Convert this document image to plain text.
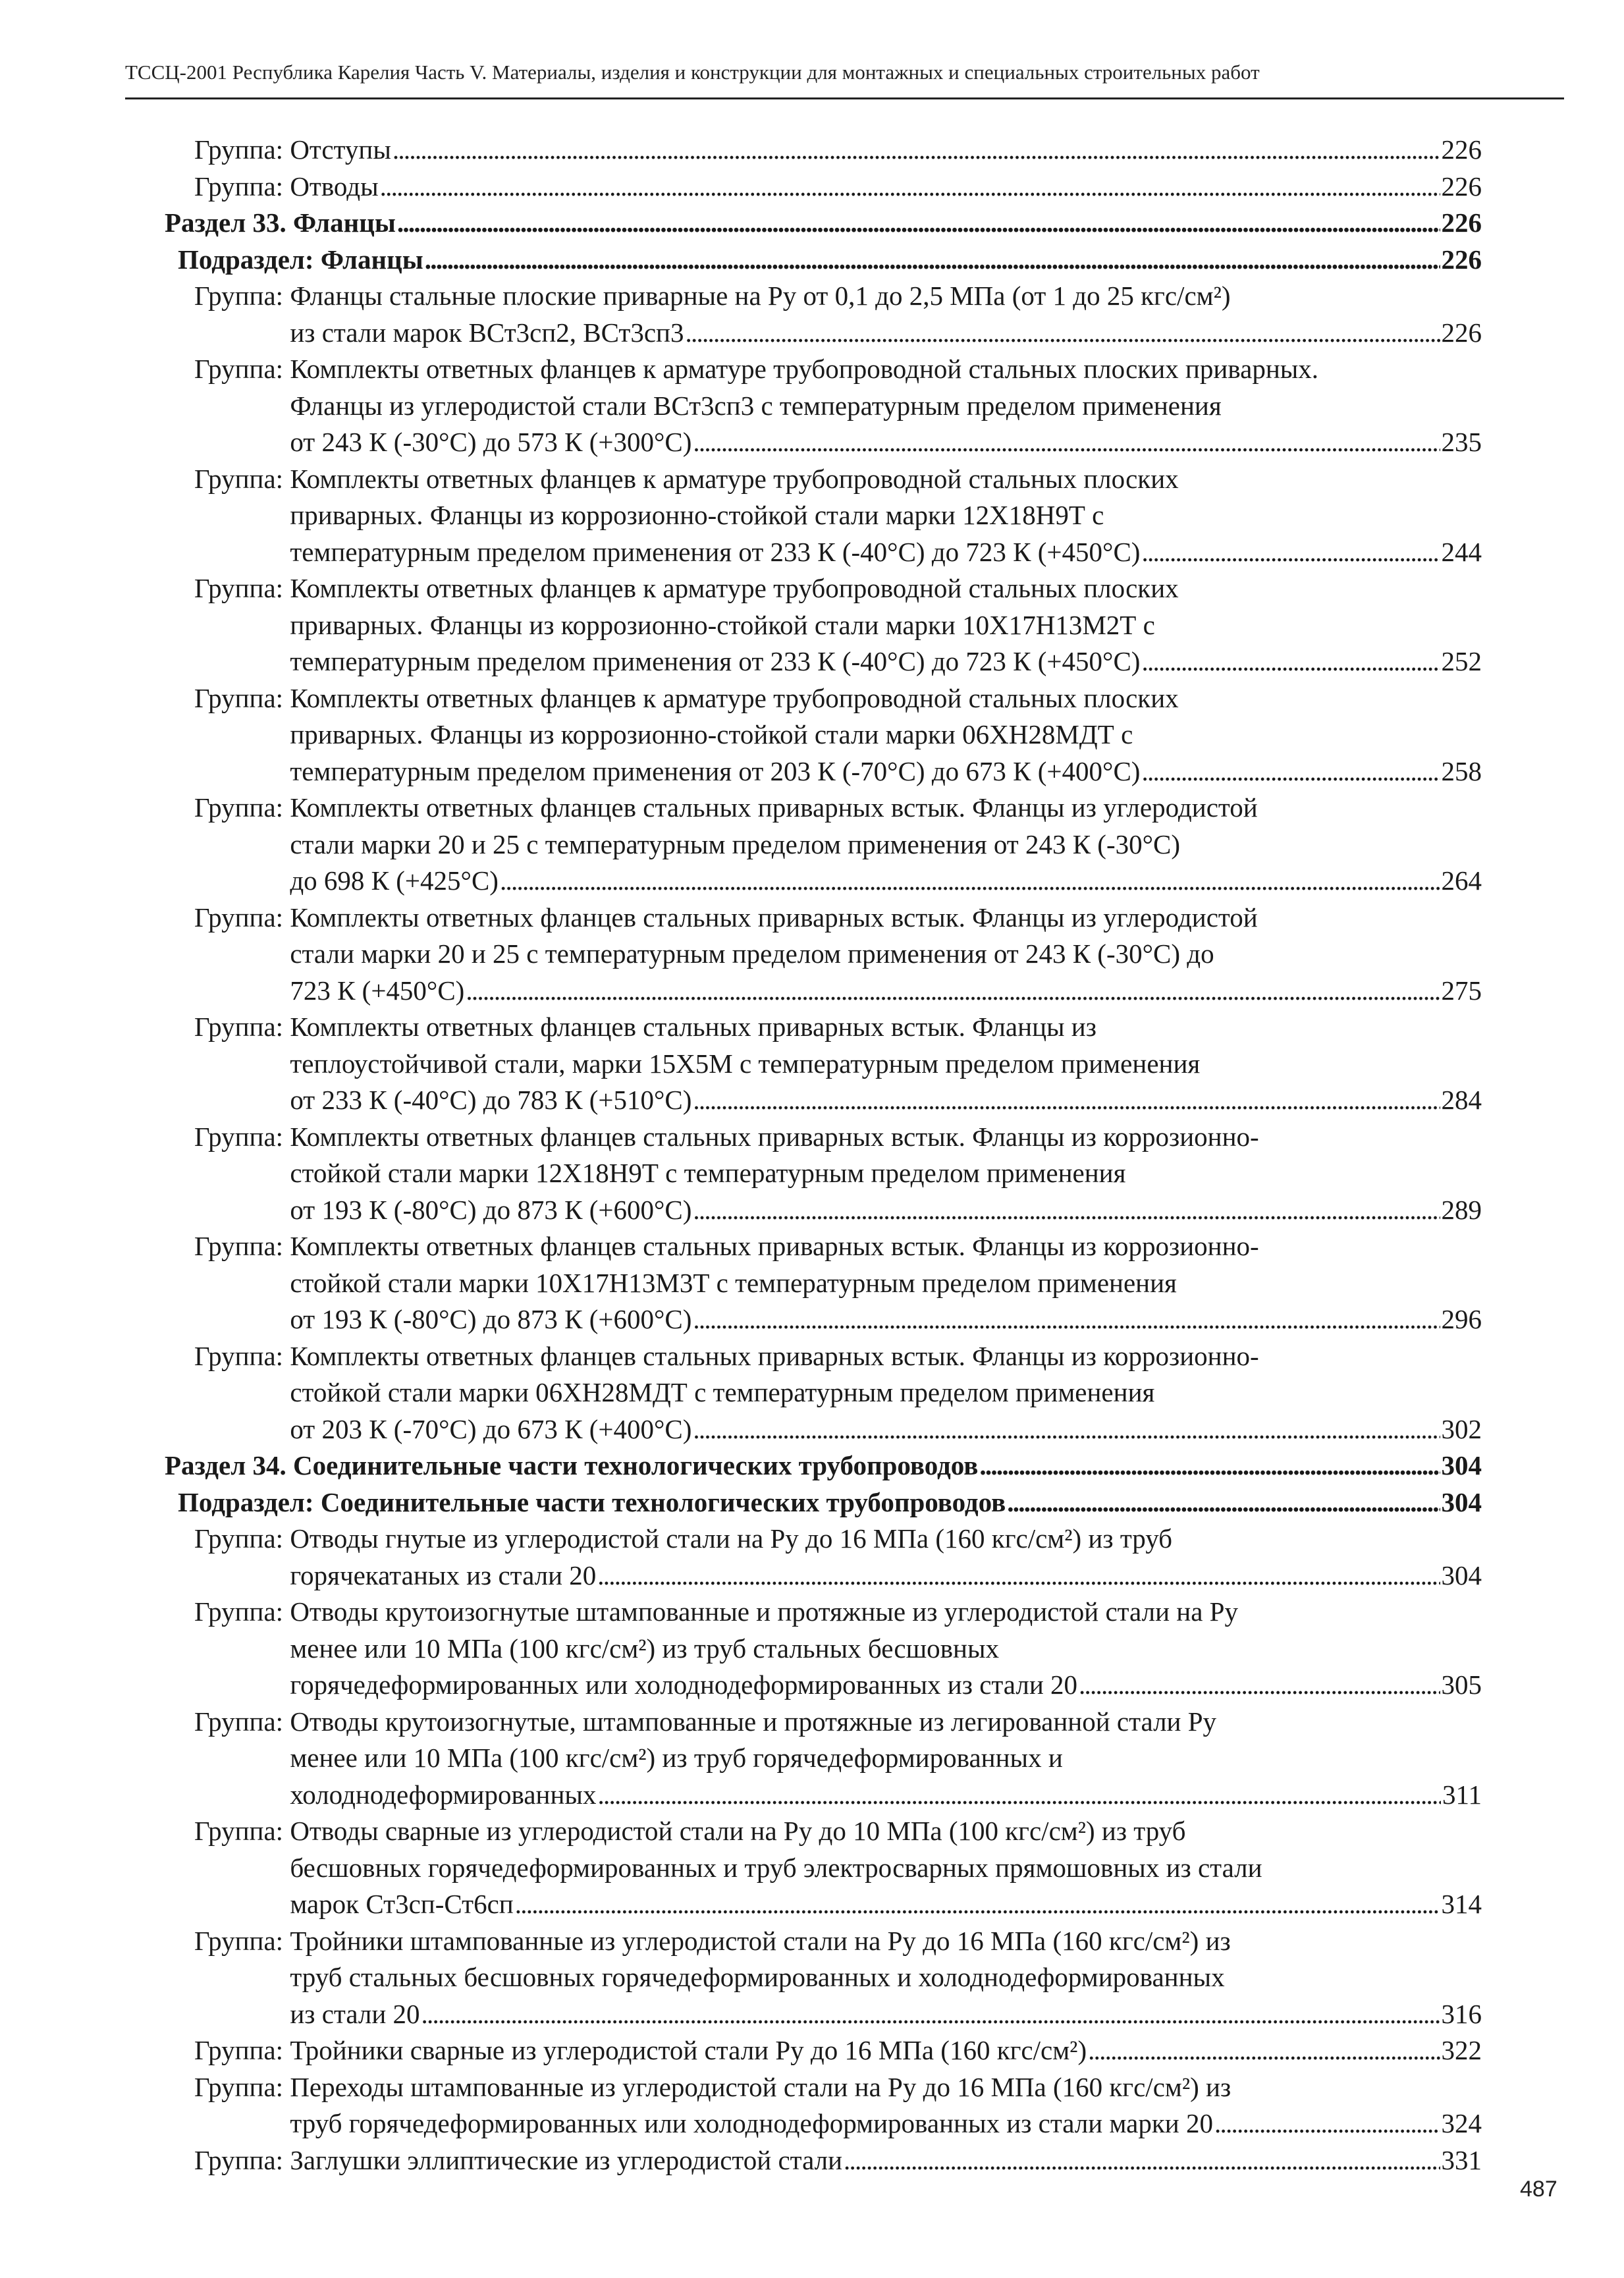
ТССЦ-2001 Республика Карелия Часть V. Материалы, изделия и конструкции для монтажных и специальных строительных работ
Группа: Отступы . . .	226
Группа: Отводы . . .	226
Раздел 33. Фланцы . . .	226
Подраздел: Фланцы . . .	226
Группа: Фланцы стальные плоские приварные на Ру от 0,1 до 2,5 МПа (от 1 до 25 кгс/см²)
из стали марок ВСт3сп2, ВСт3сп3 . . .	226
Группа: Комплекты ответных фланцев к арматуре трубопроводной стальных плоских приварных.
Фланцы из углеродистой стали ВСт3сп3 с температурным пределом применения
от 243 К (-30°С) до 573 К (+300°С) . . .	235
Группа: Комплекты ответных фланцев к арматуре трубопроводной стальных плоских
приварных. Фланцы из коррозионно-стойкой стали марки 12Х18Н9Т с
температурным пределом применения от 233 К (-40°С) до 723 К (+450°С) . . .	244
Группа: Комплекты ответных фланцев к арматуре трубопроводной стальных плоских
приварных. Фланцы из коррозионно-стойкой стали марки 10Х17Н13М2Т с
температурным пределом применения от 233 К (-40°С) до 723 К (+450°С) . . .	252
Группа: Комплекты ответных фланцев к арматуре трубопроводной стальных плоских
приварных. Фланцы из коррозионно-стойкой стали марки 06ХН28МДТ с
температурным пределом применения от 203 К (-70°С) до 673 К (+400°С) . . .	258
Группа: Комплекты ответных фланцев стальных приварных встык. Фланцы из углеродистой
стали марки 20 и 25 с температурным пределом применения от 243 К (-30°С)
до 698 К (+425°С) . . .	264
Группа: Комплекты ответных фланцев стальных приварных встык. Фланцы из углеродистой
стали марки 20 и 25 с температурным пределом применения от 243 К (-30°С) до
723 К (+450°С) . . .	275
Группа: Комплекты ответных фланцев стальных приварных встык. Фланцы из
теплоустойчивой стали, марки 15Х5М с температурным пределом применения
от 233 К (-40°С) до 783 К (+510°С) . . .	284
Группа: Комплекты ответных фланцев стальных приварных встык. Фланцы из коррозионно-
стойкой стали марки 12Х18Н9Т с температурным пределом применения
от 193 К (-80°С) до 873 К (+600°С) . . .	289
Группа: Комплекты ответных фланцев стальных приварных встык. Фланцы из коррозионно-
стойкой стали марки 10Х17Н13М3Т с температурным пределом применения
от 193 К (-80°С) до 873 К (+600°С) . . .	296
Группа: Комплекты ответных фланцев стальных приварных встык. Фланцы из коррозионно-
стойкой стали марки 06ХН28МДТ с температурным пределом применения
от 203 К (-70°С) до 673 К (+400°С) . . .	302
Раздел 34. Соединительные части технологических трубопроводов . . .	304
Подраздел: Соединительные части технологических трубопроводов . . .	304
Группа: Отводы гнутые из углеродистой стали на Ру до 16 МПа (160 кгс/см²) из труб
горячекатаных из стали 20 . . .	304
Группа: Отводы крутоизогнутые штампованные и протяжные из углеродистой стали на Ру
менее или 10 МПа (100 кгс/см²) из труб стальных бесшовных
горячедеформированных или холоднодеформированных из стали 20 . . .	305
Группа: Отводы крутоизогнутые, штампованные и протяжные из легированной стали Ру
менее или 10 МПа (100 кгс/см²) из труб горячедеформированных и
холоднодеформированных . . .	311
Группа: Отводы сварные из углеродистой стали на Ру до 10 МПа (100 кгс/см²) из труб
бесшовных горячедеформированных и труб электросварных прямошовных из стали
марок Ст3сп-Ст6сп . . .	314
Группа: Тройники штампованные из углеродистой стали на Ру до 16 МПа (160 кгс/см²) из
труб стальных бесшовных горячедеформированных и холоднодеформированных
из стали 20 . . .	316
Группа: Тройники сварные из углеродистой стали Ру до 16 МПа (160 кгс/см²) . . .	322
Группа: Переходы штампованные из углеродистой стали на Ру до 16 МПа (160 кгс/см²) из
труб горячедеформированных или холоднодеформированных из стали марки 20 . . .	324
Группа: Заглушки эллиптические из углеродистой стали . . .	331
487
